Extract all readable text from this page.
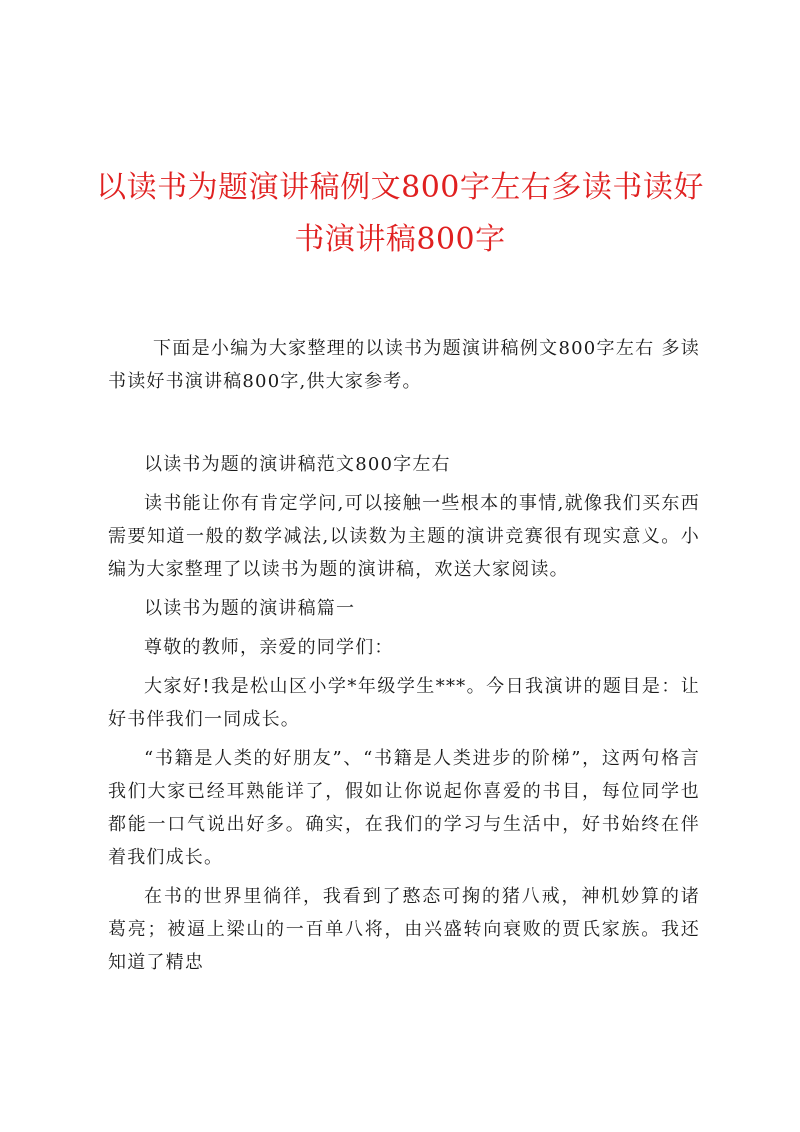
以读书为题演讲稿例文800字左右多读书读好书演讲稿800字

下面是小编为大家整理的以读书为题演讲稿例文800字左右 多读书读好书演讲稿800字,供大家参考。

以读书为题的演讲稿范文800字左右

读书能让你有肯定学问,可以接触一些根本的事情,就像我们买东西需要知道一般的数学减法,以读数为主题的演讲竞赛很有现实意义。小编为大家整理了以读书为题的演讲稿，欢送大家阅读。

以读书为题的演讲稿篇一

尊敬的教师，亲爱的同学们：

大家好!我是松山区小学*年级学生***。今日我演讲的题目是：让好书伴我们一同成长。

“书籍是人类的好朋友”、“书籍是人类进步的阶梯”，这两句格言我们大家已经耳熟能详了，假如让你说起你喜爱的书目，每位同学也都能一口气说出好多。确实，在我们的学习与生活中，好书始终在伴着我们成长。

在书的世界里徜徉，我看到了憨态可掬的猪八戒，神机妙算的诸葛亮；被逼上梁山的一百单八将，由兴盛转向衰败的贾氏家族。我还知道了精忠
